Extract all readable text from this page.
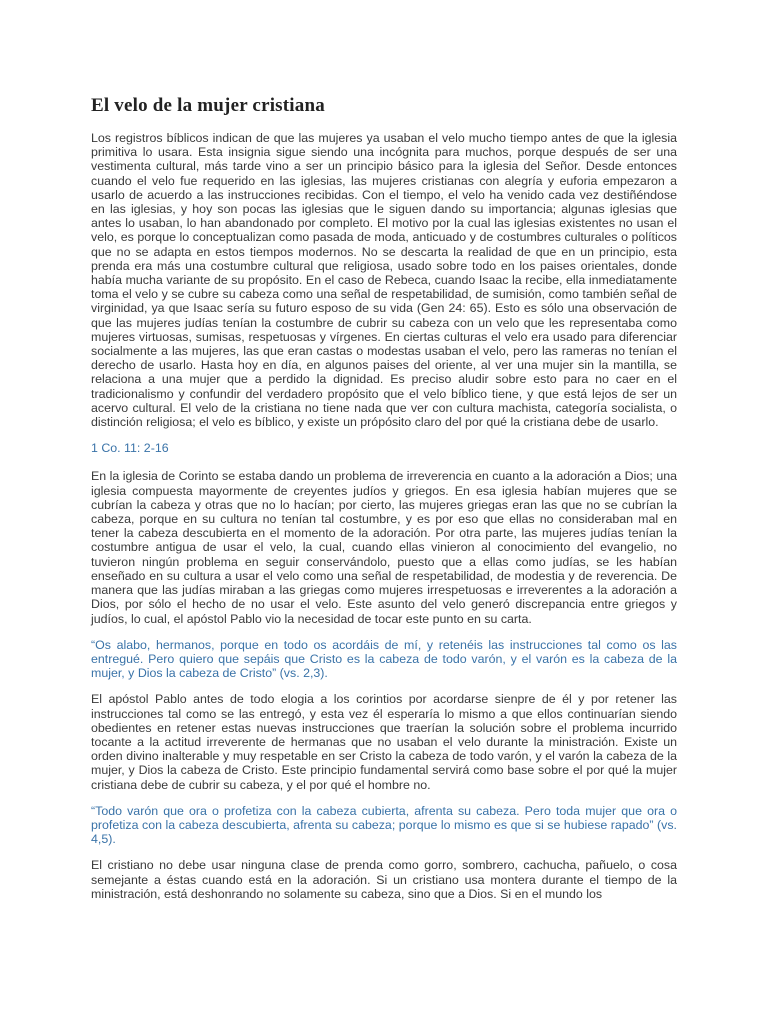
El velo de la mujer cristiana

Los registros bíblicos indican de que las mujeres ya usaban el velo mucho tiempo antes de que la iglesia primitiva lo usara. Esta insignia sigue siendo una incógnita para muchos, porque después de ser una vestimenta cultural, más tarde vino a ser un principio básico para la iglesia del Señor. Desde entonces cuando el velo fue requerido en las iglesias, las mujeres cristianas con alegría y euforia empezaron a usarlo de acuerdo a las instrucciones recibidas. Con el tiempo, el velo ha venido cada vez destiñéndose en las iglesias, y hoy son pocas las iglesias que le siguen dando su importancia; algunas iglesias que antes lo usaban, lo han abandonado por completo. El motivo por la cual las iglesias existentes no usan el velo, es porque lo conceptualizan como pasada de moda, anticuado y de costumbres culturales o políticos que no se adapta en estos tiempos modernos. No se descarta la realidad de que en un principio, esta prenda era más una costumbre cultural que religiosa, usado sobre todo en los paises orientales, donde había mucha variante de su propósito. En el caso de Rebeca, cuando Isaac la recibe, ella inmediatamente toma el velo y se cubre su cabeza como una señal de respetabilidad, de sumisión, como también señal de virginidad, ya que Isaac sería su futuro esposo de su vida (Gen 24: 65). Esto es sólo una observación de que las mujeres judías tenían la costumbre de cubrir su cabeza con un velo que les representaba como mujeres virtuosas, sumisas, respetuosas y vírgenes. En ciertas culturas el velo era usado para diferenciar socialmente a las mujeres, las que eran castas o modestas usaban el velo, pero las rameras no tenían el derecho de usarlo. Hasta hoy en día, en algunos paises del oriente, al ver una mujer sin la mantilla, se relaciona a una mujer que a perdido la dignidad. Es preciso aludir sobre esto para no caer en el tradicionalismo y confundir del verdadero propósito que el velo bíblico tiene, y que está lejos de ser un acervo cultural. El velo de la cristiana no tiene nada que ver con cultura machista, categoría socialista, o distinción religiosa; el velo es bíblico, y existe un própósito claro del por qué la cristiana debe de usarlo.

1 Co. 11: 2-16

En la iglesia de Corinto se estaba dando un problema de irreverencia en cuanto a la adoración a Dios; una iglesia compuesta mayormente de creyentes judíos y griegos. En esa iglesia habían mujeres que se cubrían la cabeza y otras que no lo hacían; por cierto, las mujeres griegas eran las que no se cubrían la cabeza, porque en su cultura no tenían tal costumbre, y es por eso que ellas no consideraban mal en tener la cabeza descubierta en el momento de la adoración. Por otra parte, las mujeres judías tenían la costumbre antigua de usar el velo, la cual, cuando ellas vinieron al conocimiento del evangelio, no tuvieron ningún problema en seguir conservándolo, puesto que a ellas como judías, se les habían enseñado en su cultura a usar el velo como una señal de respetabilidad, de modestia y de reverencia. De manera que las judías miraban a las griegas como mujeres irrespetuosas e irreverentes a la adoración a Dios, por sólo el hecho de no usar el velo. Este asunto del velo generó discrepancia entre griegos y judíos, lo cual, el apóstol Pablo vio la necesidad de tocar este punto en su carta.

“Os alabo, hermanos, porque en todo os acordáis de mí, y retenéis las instrucciones tal como os las entregué. Pero quiero que sepáis que Cristo es la cabeza de todo varón, y el varón es la cabeza de la mujer, y Dios la cabeza de Cristo” (vs. 2,3).

El apóstol Pablo antes de todo elogia a los corintios por acordarse sienpre de él y por retener las instrucciones tal como se las entregó, y esta vez él esperaría lo mismo a que ellos continuarían siendo obedientes en retener estas nuevas instrucciones que traerían la solución sobre el problema incurrido tocante a la actitud irreverente de hermanas que no usaban el velo durante la ministración. Existe un orden divino inalterable y muy respetable en ser Cristo la cabeza de todo varón, y el varón la cabeza de la mujer, y Dios la cabeza de Cristo. Este principio fundamental servirá como base sobre el por qué la mujer cristiana debe de cubrir su cabeza, y el por qué el hombre no.

“Todo varón que ora o profetiza con la cabeza cubierta, afrenta su cabeza. Pero toda mujer que ora o profetiza con la cabeza descubierta, afrenta su cabeza; porque lo mismo es que si se hubiese rapado” (vs. 4,5).

El cristiano no debe usar ninguna clase de prenda como gorro, sombrero, cachucha, pañuelo, o cosa semejante a éstas cuando está en la adoración. Si un cristiano usa montera durante el tiempo de la ministración, está deshonrando no solamente su cabeza, sino que a Dios. Si en el mundo los
